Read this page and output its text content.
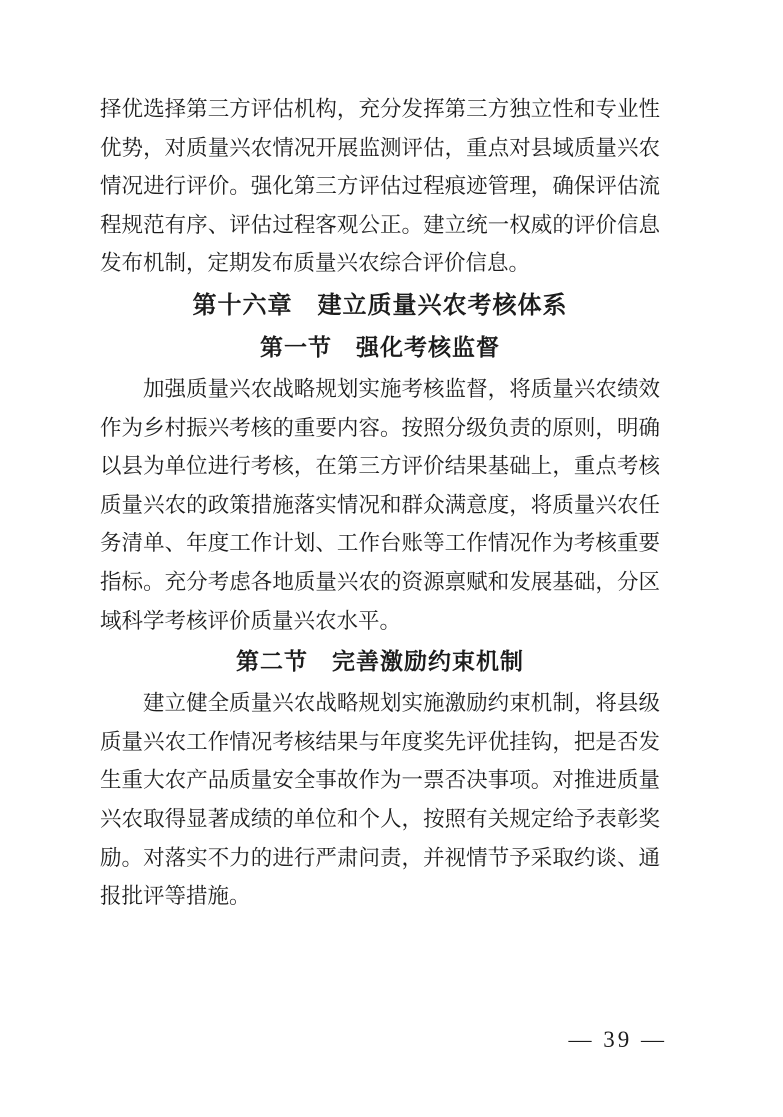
择优选择第三方评估机构，充分发挥第三方独立性和专业性优势，对质量兴农情况开展监测评估，重点对县域质量兴农情况进行评价。强化第三方评估过程痕迹管理，确保评估流程规范有序、评估过程客观公正。建立统一权威的评价信息发布机制，定期发布质量兴农综合评价信息。

第十六章　建立质量兴农考核体系
第一节　强化考核监督

加强质量兴农战略规划实施考核监督，将质量兴农绩效作为乡村振兴考核的重要内容。按照分级负责的原则，明确以县为单位进行考核，在第三方评价结果基础上，重点考核质量兴农的政策措施落实情况和群众满意度，将质量兴农任务清单、年度工作计划、工作台账等工作情况作为考核重要指标。充分考虑各地质量兴农的资源禀赋和发展基础，分区域科学考核评价质量兴农水平。

第二节　完善激励约束机制

建立健全质量兴农战略规划实施激励约束机制，将县级质量兴农工作情况考核结果与年度奖先评优挂钩，把是否发生重大农产品质量安全事故作为一票否决事项。对推进质量兴农取得显著成绩的单位和个人，按照有关规定给予表彰奖励。对落实不力的进行严肃问责，并视情节予采取约谈、通报批评等措施。

— 39 —
